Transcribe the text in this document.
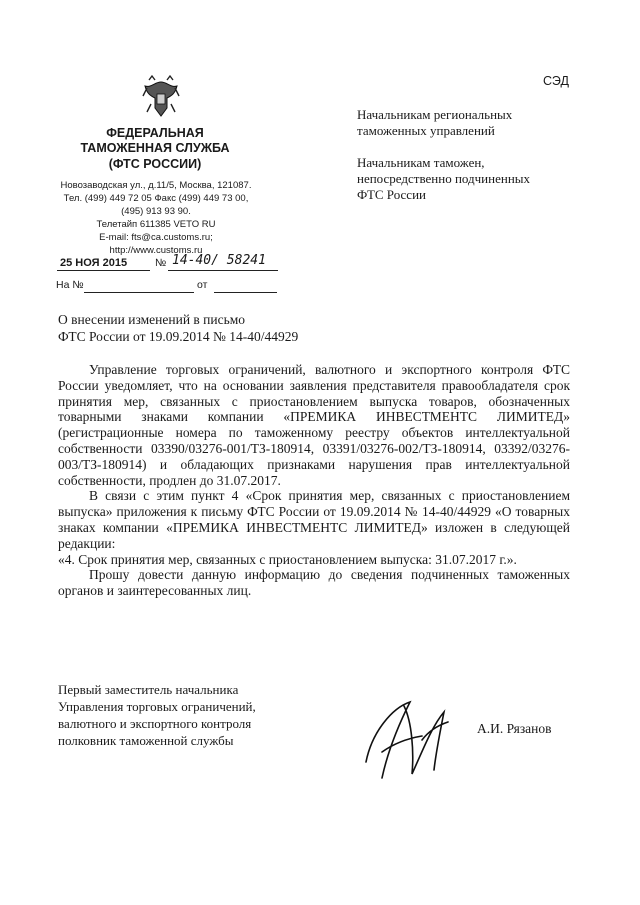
СЭД
ФЕДЕРАЛЬНАЯ
ТАМОЖЕННАЯ СЛУЖБА
(ФТС РОССИИ)
Новозаводская ул., д.11/5, Москва, 121087.
Тел. (499) 449 72 05 Факс (499) 449 73 00,
(495) 913 93 90.
Телетайп 611385 VETO RU
E-mail: fts@ca.customs.ru; http://www.customs.ru
25 НОЯ 2015	№ 14-40/ 58241
На №	от
Начальникам региональных
таможенных управлений
Начальникам таможен,
непосредственно подчиненных
ФТС России
О внесении изменений в письмо
ФТС России от 19.09.2014 № 14-40/44929

Управление торговых ограничений, валютного и экспортного контроля ФТС России уведомляет, что на основании заявления представителя правообладателя срок принятия мер, связанных с приостановлением выпуска товаров, обозначенных товарными знаками компании «ПРЕМИКА ИНВЕСТМЕНТС ЛИМИТЕД» (регистрационные номера по таможенному реестру объектов интеллектуальной собственности 03390/03276-001/ТЗ-180914, 03391/03276-002/ТЗ-180914, 03392/03276-003/ТЗ-180914) и обладающих признаками нарушения прав интеллектуальной собственности, продлен до 31.07.2017.

В связи с этим пункт 4 «Срок принятия мер, связанных с приостановлением выпуска» приложения к письму ФТС России от 19.09.2014 № 14-40/44929 «О товарных знаках компании «ПРЕМИКА ИНВЕСТМЕНТС ЛИМИТЕД» изложен в следующей редакции:

«4. Срок принятия мер, связанных с приостановлением выпуска: 31.07.2017 г.».

Прошу довести данную информацию до сведения подчиненных таможенных органов и заинтересованных лиц.

Первый заместитель начальника
Управления торговых ограничений,
валютного и экспортного контроля
полковник таможенной службы
А.И. Рязанов
